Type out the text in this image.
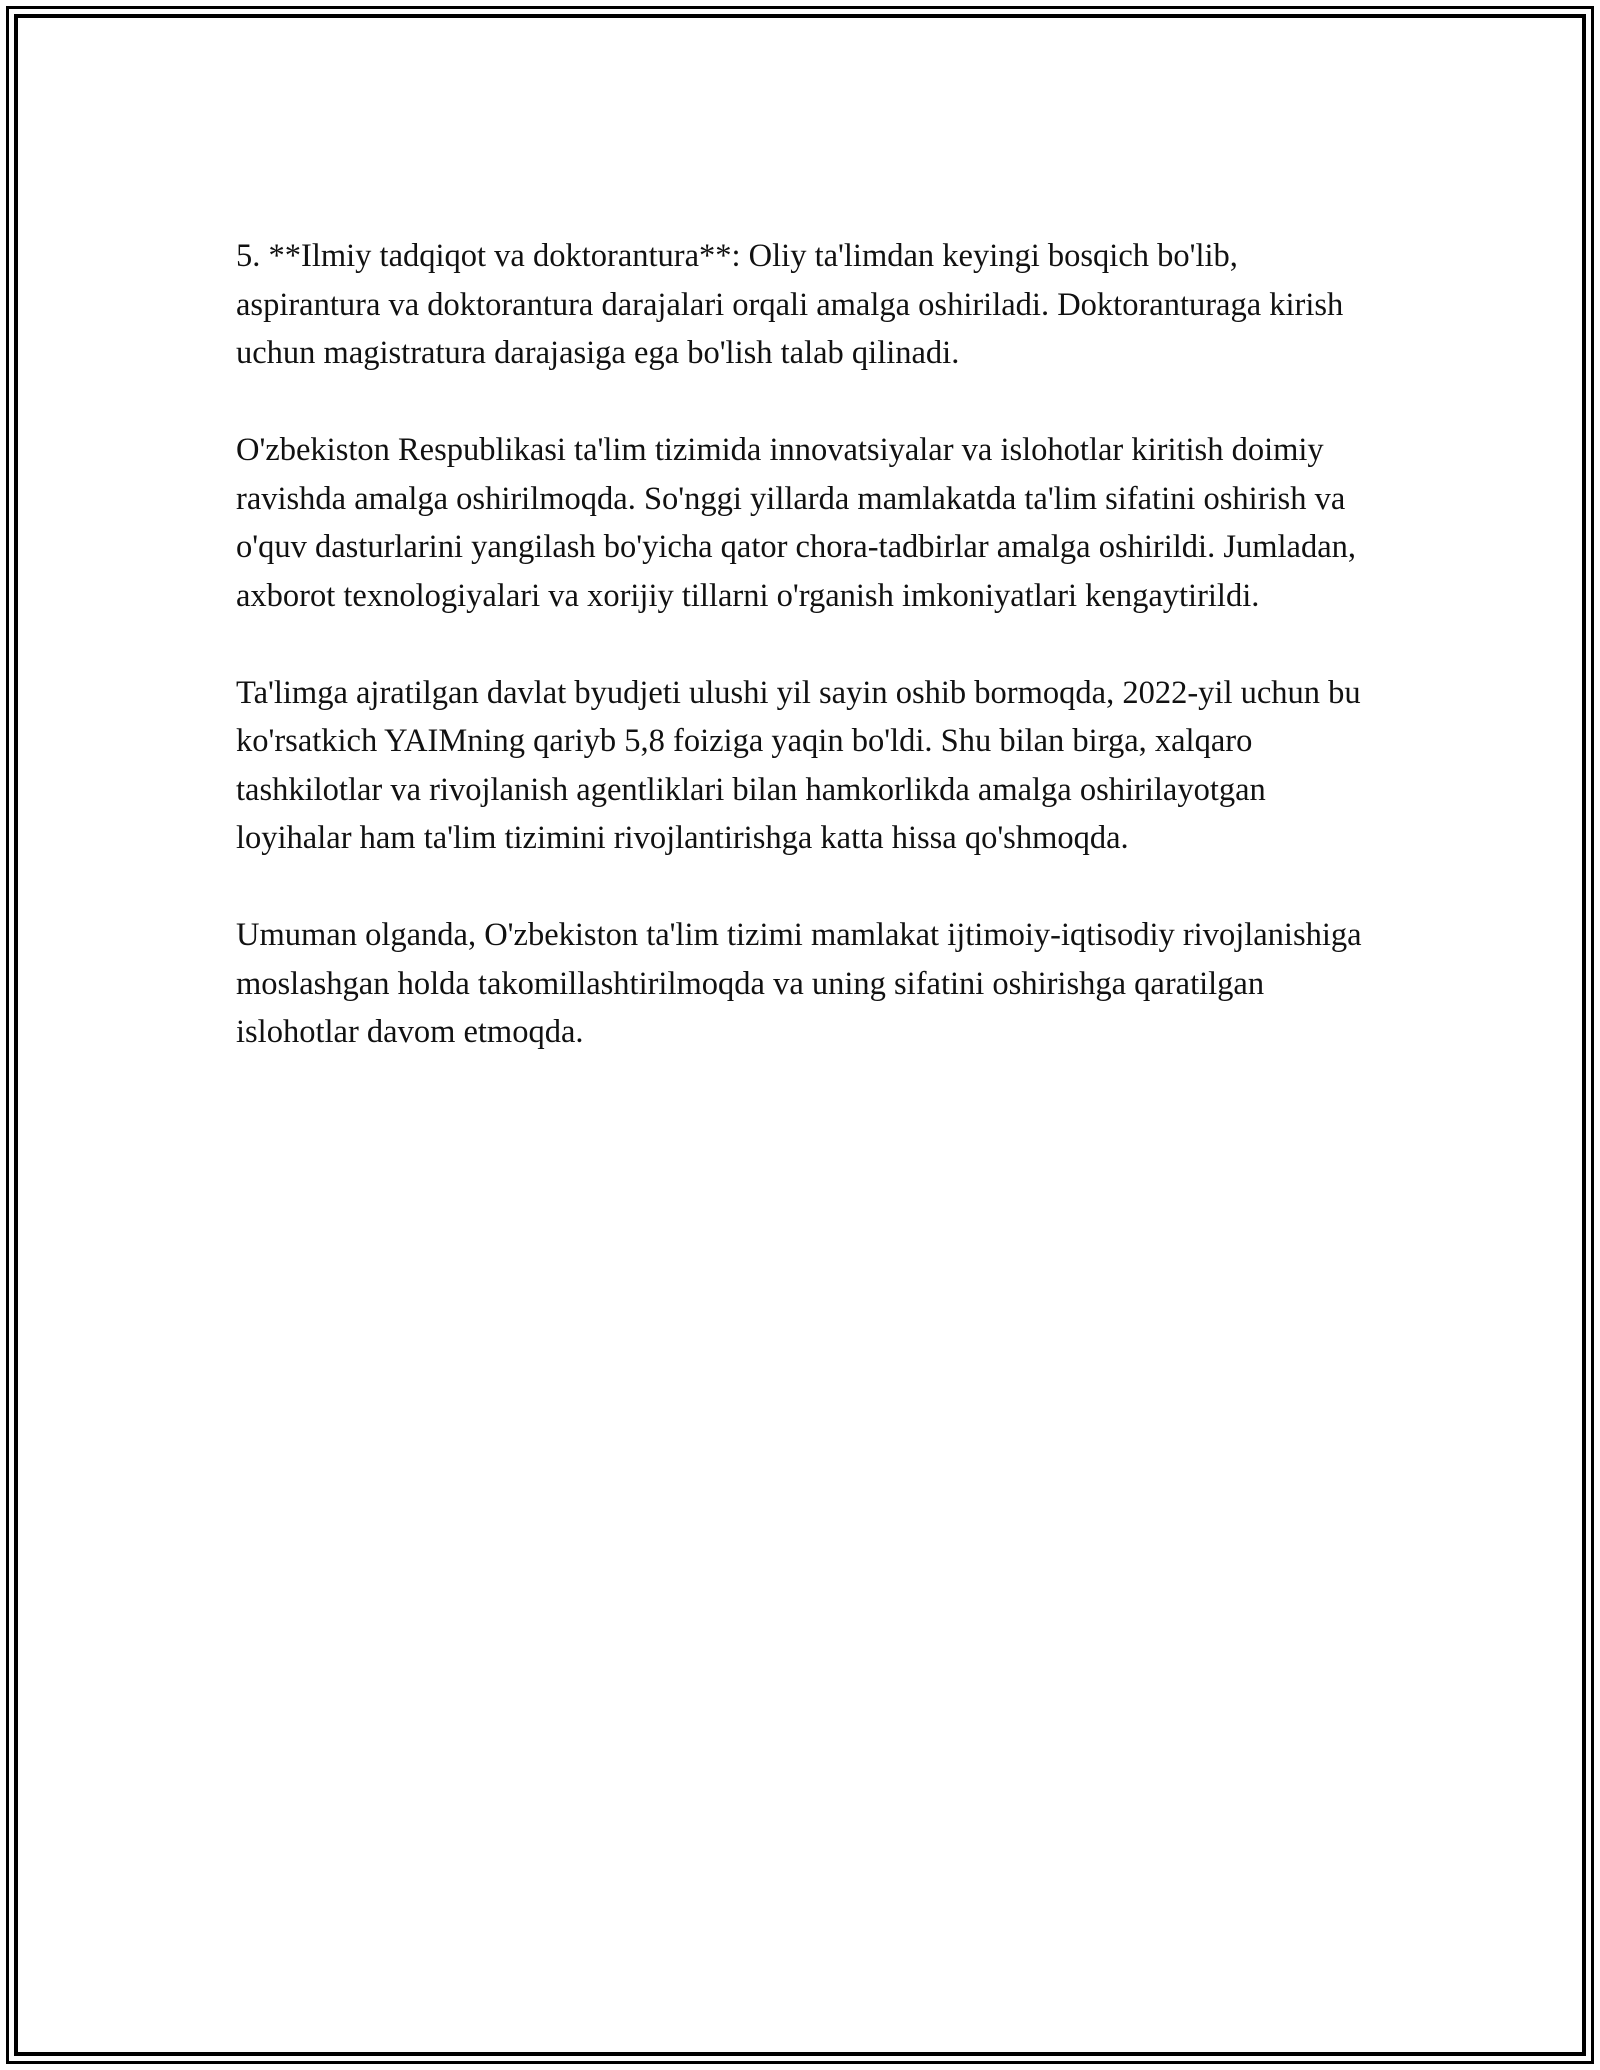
5. **Ilmiy tadqiqot va doktorantura**: Oliy ta'limdan keyingi bosqich bo'lib, aspirantura va doktorantura darajalari orqali amalga oshiriladi. Doktoranturaga kirish uchun magistratura darajasiga ega bo'lish talab qilinadi.

O'zbekiston Respublikasi ta'lim tizimida innovatsiyalar va islohotlar kiritish doimiy ravishda amalga oshirilmoqda. So'nggi yillarda mamlakatda ta'lim sifatini oshirish va o'quv dasturlarini yangilash bo'yicha qator chora-tadbirlar amalga oshirildi. Jumladan, axborot texnologiyalari va xorijiy tillarni o'rganish imkoniyatlari kengaytirildi.

Ta'limga ajratilgan davlat byudjeti ulushi yil sayin oshib bormoqda, 2022-yil uchun bu ko'rsatkich YAIMning qariyb 5,8 foiziga yaqin bo'ldi. Shu bilan birga, xalqaro tashkilotlar va rivojlanish agentliklari bilan hamkorlikda amalga oshirilayotgan loyihalar ham ta'lim tizimini rivojlantirishga katta hissa qo'shmoqda.

Umuman olganda, O'zbekiston ta'lim tizimi mamlakat ijtimoiy-iqtisodiy rivojlanishiga moslashgan holda takomillashtirilmoqda va uning sifatini oshirishga qaratilgan islohotlar davom etmoqda.
